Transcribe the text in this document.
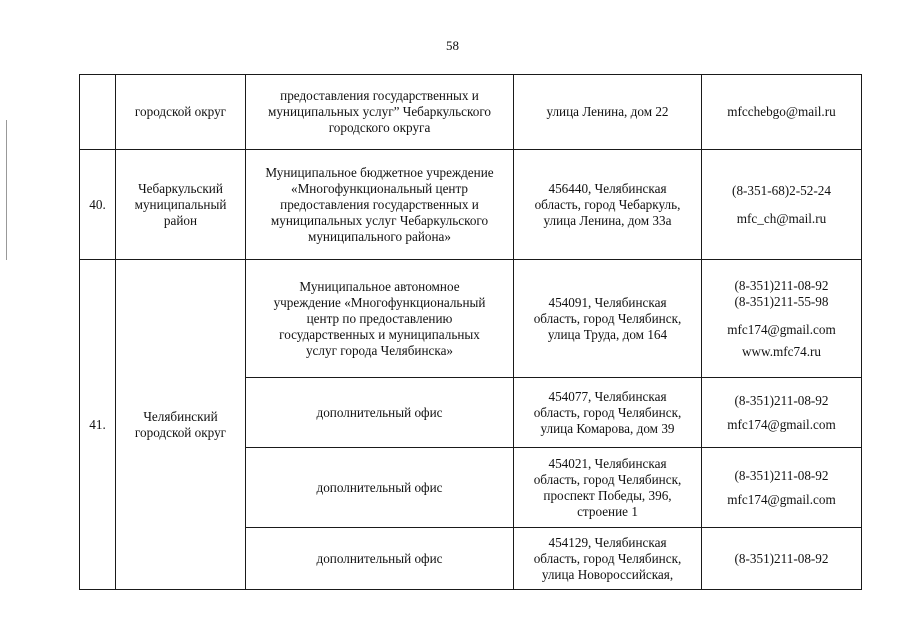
58

	городской округ	предоставления государственных и
муниципальных услуг” Чебаркульского
городского округа	улица Ленина, дом 22	mfcchebgo@mail.ru

40.	Чебаркульский
муниципальный
район	Муниципальное бюджетное учреждение
«Многофункциональный центр
предоставления государственных и
муниципальных услуг Чебаркульского
муниципального района»	456440, Челябинская
область, город Чебаркуль,
улица Ленина, дом 33а	(8-351-68)2-52-24
mfc_ch@mail.ru

41.	Челябинский
городской округ	Муниципальное автономное
учреждение «Многофункциональный
центр по предоставлению
государственных и муниципальных
услуг города Челябинска»	454091, Челябинская
область, город Челябинск,
улица Труда, дом 164	(8-351)211-08-92
(8-351)211-55-98
mfc174@gmail.com
www.mfc74.ru

		дополнительный офис	454077, Челябинская
область, город Челябинск,
улица Комарова, дом 39	(8-351)211-08-92
mfc174@gmail.com

		дополнительный офис	454021, Челябинская
область, город Челябинск,
проспект Победы, 396,
строение 1	(8-351)211-08-92
mfc174@gmail.com

		дополнительный офис	454129, Челябинская
область, город Челябинск,
улица Новороссийская,	(8-351)211-08-92
